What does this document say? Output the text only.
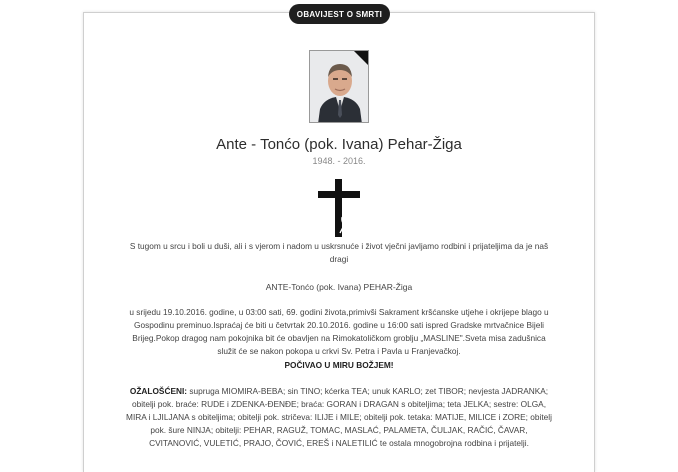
OBAVIJEST O SMRTI
Ante - Tonćo (pok. Ivana) Pehar-Žiga
1948. - 2016.
S tugom u srcu i boli u duši, ali i s vjerom i nadom u uskrsnuće i život vječni javljamo rodbini i prijateljima da je naš dragi
ANTE-Tonćo (pok. Ivana) PEHAR-Žiga
u srijedu 19.10.2016. godine, u 03:00 sati, 69. godini života,primivši Sakrament kršćanske utjehe i okrijepe blago u Gospodinu preminuo.Ispraćaj će biti u četvrtak 20.10.2016. godine u 16:00 sati ispred Gradske mrtvačnice Bijeli Brijeg.Pokop dragog nam pokojnika bit će obavljen na Rimokatoličkom groblju „MASLINE".Sveta misa zadušnica služit će se nakon pokopa u crkvi Sv. Petra i Pavla u Franjevačkoj.
POČIVAO U MIRU BOŽJEM!
OŽALOŠĆENI: supruga MIOMIRA-BEBA; sin TINO; kćerka TEA; unuk KARLO; zet TIBOR; nevjesta JADRANKA; obitelji pok. braće: RUDE i ZDENKA-ĐENĐE; braća: GORAN i DRAGAN s obiteljima; teta JELKA; sestre: OLGA, MIRA i LJILJANA s obiteljima; obitelji pok. stričeva: ILIJE i MILE; obitelji pok. tetaka: MATIJE, MILICE i ZORE; obitelj pok. šure NINJA; obitelji: PEHAR, RAGUŽ, TOMAC, MASLAĆ, PALAMETA, ČULJAK, RAČIĆ, ČAVAR, CVITANOVIĆ, VULETIĆ, PRAJO, ČOVIĆ, EREŠ i NALETILIĆ te ostala mnogobrojna rodbina i prijatelji.
